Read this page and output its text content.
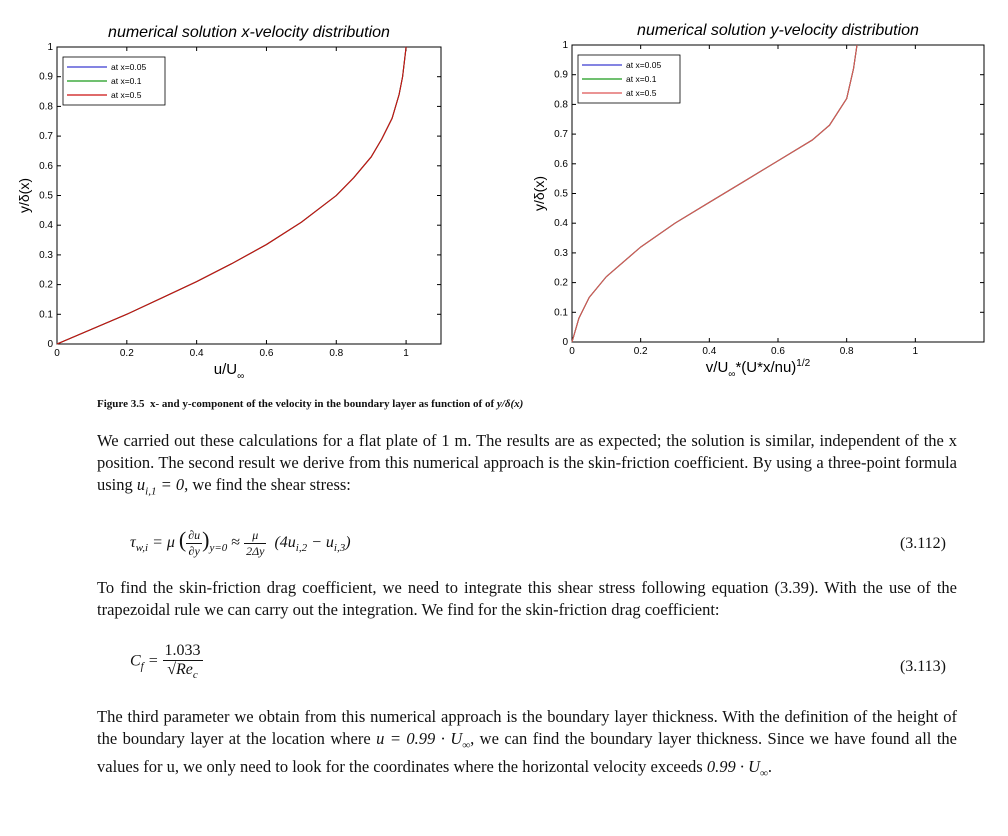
numerical solution x-velocity distribution
0
0.1
0.2
0.3
0.4
0.5
0.6
0.7
0.8
0.9
1
0	0.2	0.4	0.6	0.8	1
y/δ(x)
$u/U_\infty$
at x=0.05
at x=0.1
at x=0.5
numerical solution y-velocity distribution
0
0.1
0.2
0.3
0.4
0.5
0.6
0.7
0.8
0.9
1
0	0.2	0.4	0.6	0.8	1
y/δ(x)
$v/U_\infty*(U*x/nu)^{1/2}$
at x=0.05
at x=0.1
at x=0.5
Figure 3.5 x- and y-component of the velocity in the boundary layer as function of of y/δ(x)
We carried out these calculations for a flat plate of 1 m. The results are as expected; the solution is similar, independent of the x position. The second result we derive from this numerical approach is the skin-friction coefficient. By using a three-point formula using $u_{i,1} = 0$, we find the shear stress:
$\tau_{w,i} = \mu$ ( $\frac{\partial u}{\partial y} )_{y=0} \approx \frac{\mu}{2\Delta y} (4u_{i,2} - u_{i,3})$	(3.112)
To find the skin-friction drag coefficient, we need to integrate this shear stress following equation (3.39). With the use of the trapezoidal rule we can carry out the integration. We find for the skin-friction drag coefficient:
$C_f = \frac{1.033}{√Re_c}$	(3.113)
The third parameter we obtain from this numerical approach is the boundary layer thickness. With the definition of the height of the boundary layer at the location where $u = 0.99 \cdot U_\infty$, we can find the boundary layer thickness. Since we have found all the values for u, we only need to look for the coordinates where the horizontal velocity exceeds $0.99 \cdot U_\infty$.
